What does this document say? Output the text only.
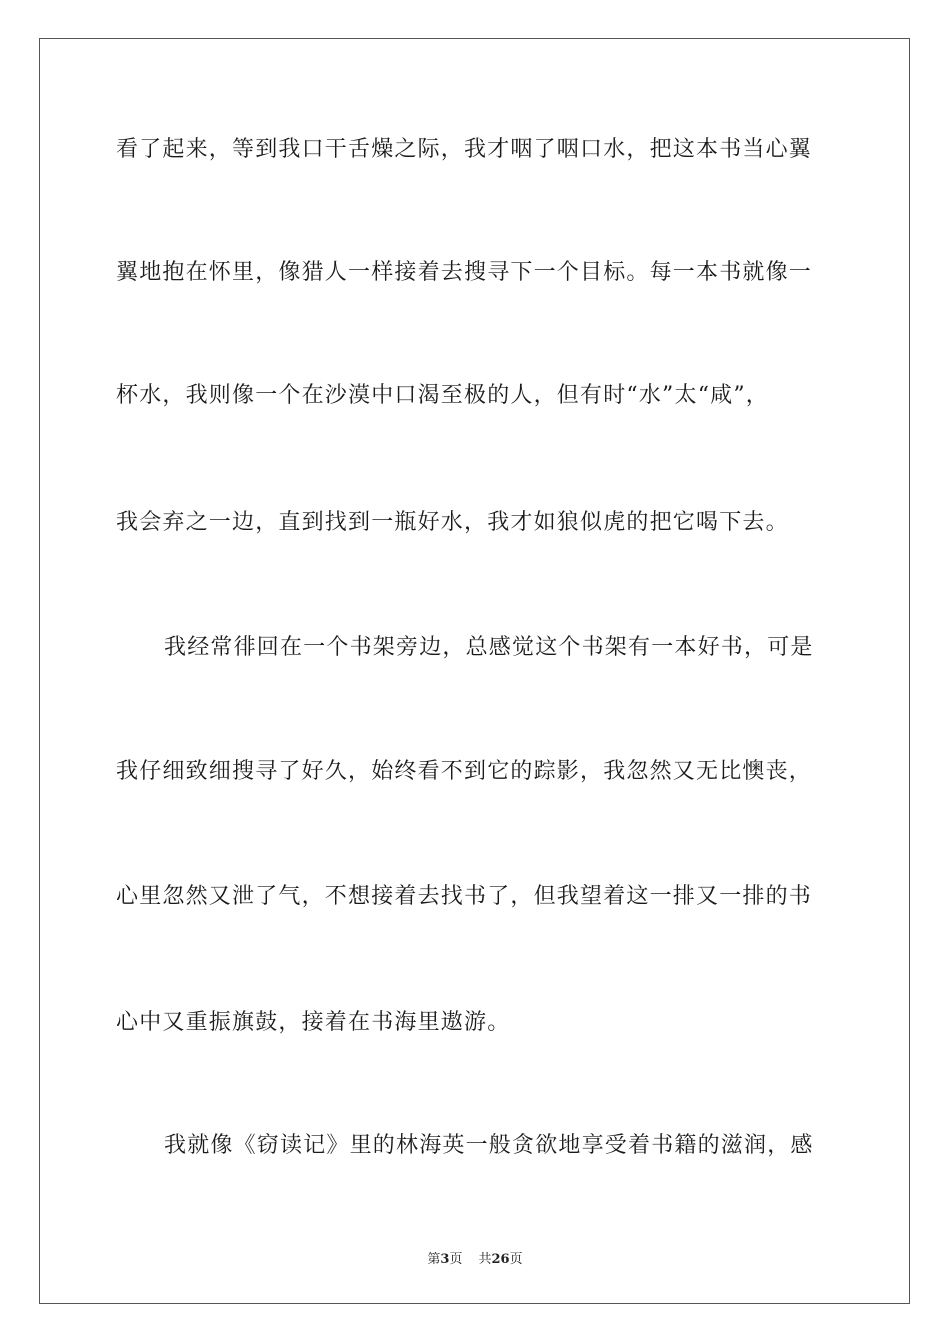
看了起来，等到我口干舌燥之际，我才咽了咽口水，把这本书当心翼
翼地抱在怀里，像猎人一样接着去搜寻下一个目标。每一本书就像一
杯水，我则像一个在沙漠中口渴至极的人，但有时“水”太“咸”，
我会弃之一边，直到找到一瓶好水，我才如狼似虎的把它喝下去。
我经常徘回在一个书架旁边，总感觉这个书架有一本好书，可是
我仔细致细搜寻了好久，始终看不到它的踪影，我忽然又无比懊丧，
心里忽然又泄了气，不想接着去找书了，但我望着这一排又一排的书
心中又重振旗鼓，接着在书海里遨游。
我就像《窃读记》里的林海英一般贪欲地享受着书籍的滋润，感
第3页 共26页
